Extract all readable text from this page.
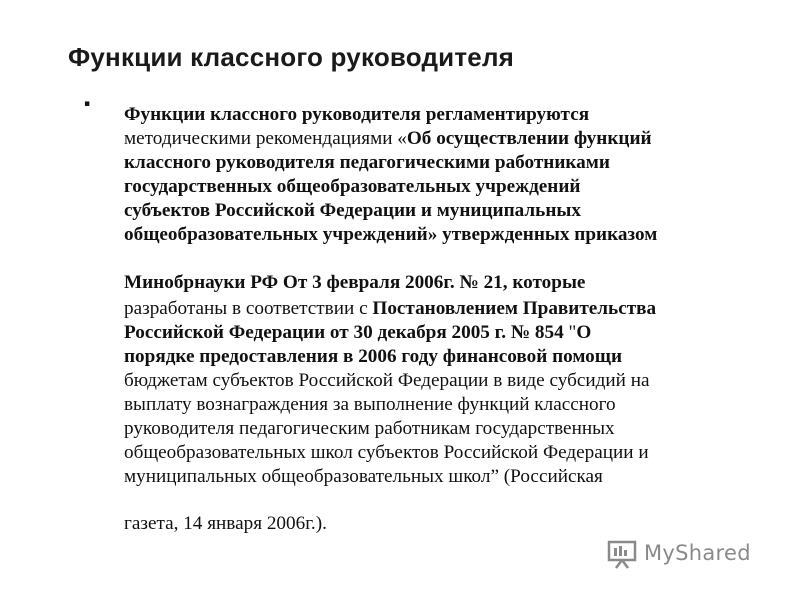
Функции классного руководителя
▪ Функции классного руководителя регламентируются
методическими рекомендациями «Об осуществлении функций
классного руководителя педагогическими работниками
государственных общеобразовательных учреждений
субъектов Российской Федерации и муниципальных
общеобразовательных учреждений» утвержденных приказом
Минобрнауки РФ От 3 февраля 2006г. № 21, которые
разработаны в соответствии с Постановлением Правительства
Российской Федерации от 30 декабря 2005 г. № 854 "О
порядке предоставления в 2006 году финансовой помощи
бюджетам субъектов Российской Федерации в виде субсидий на
выплату вознаграждения за выполнение функций классного
руководителя педагогическим работникам государственных
общеобразовательных школ субъектов Российской Федерации и
муниципальных общеобразовательных школ” (Российская
газета, 14 января 2006г.).
MyShared
